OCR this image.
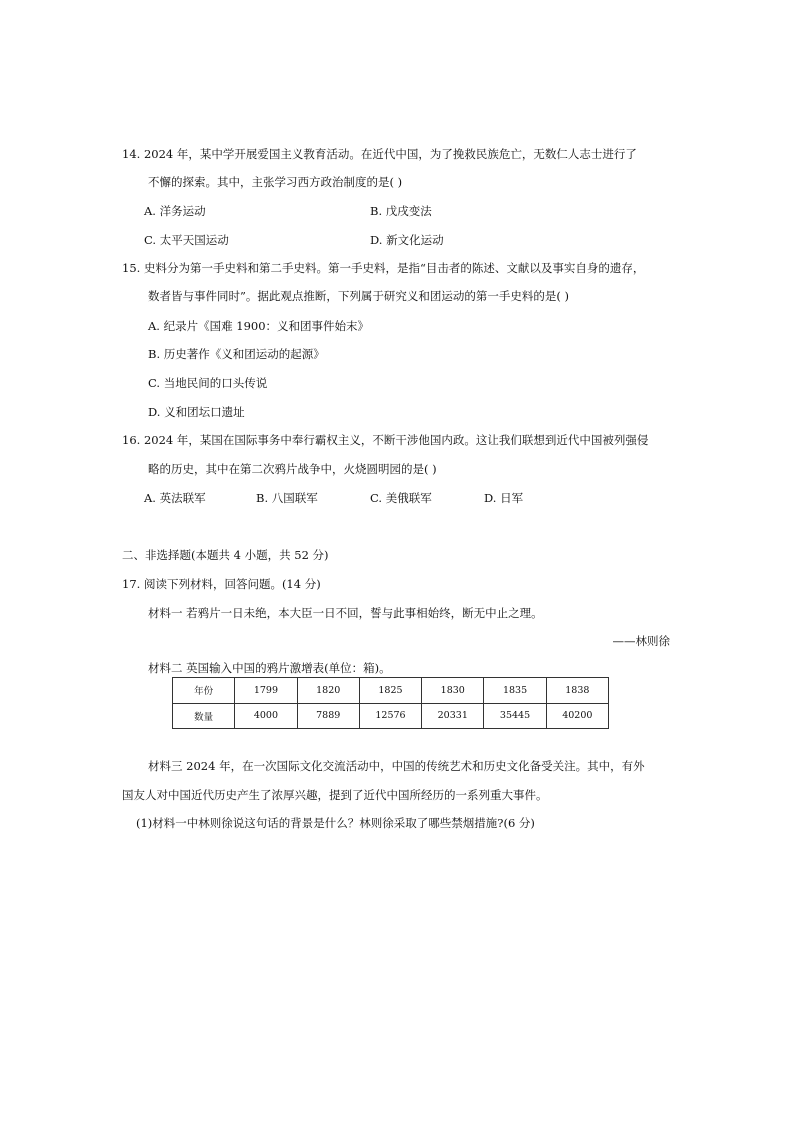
14. 2024 年，某中学开展爱国主义教育活动。在近代中国，为了挽救民族危亡，无数仁人志士进行了
不懈的探索。其中，主张学习西方政治制度的是( )
A. 洋务运动	B. 戊戌变法
C. 太平天国运动	D. 新文化运动
15. 史料分为第一手史料和第二手史料。第一手史料，是指“目击者的陈述、文献以及事实自身的遗存，
数者皆与事件同时”。据此观点推断，下列属于研究义和团运动的第一手史料的是( )
A. 纪录片《国难 1900：义和团事件始末》
B. 历史著作《义和团运动的起源》
C. 当地民间的口头传说
D. 义和团坛口遗址
16. 2024 年，某国在国际事务中奉行霸权主义，不断干涉他国内政。这让我们联想到近代中国被列强侵
略的历史，其中在第二次鸦片战争中，火烧圆明园的是( )
A. 英法联军	B. 八国联军	C. 美俄联军	D. 日军
二、非选择题(本题共 4 小题，共 52 分)
17. 阅读下列材料，回答问题。(14 分)
材料一 若鸦片一日未绝，本大臣一日不回，誓与此事相始终，断无中止之理。
——林则徐
材料二 英国输入中国的鸦片激增表(单位：箱)。
年份	1799	1820	1825	1830	1835	1838
数量	4000	7889	12576	20331	35445	40200
材料三 2024 年，在一次国际文化交流活动中，中国的传统艺术和历史文化备受关注。其中，有外
国友人对中国近代历史产生了浓厚兴趣，提到了近代中国所经历的一系列重大事件。
(1)材料一中林则徐说这句话的背景是什么？林则徐采取了哪些禁烟措施?(6 分)
